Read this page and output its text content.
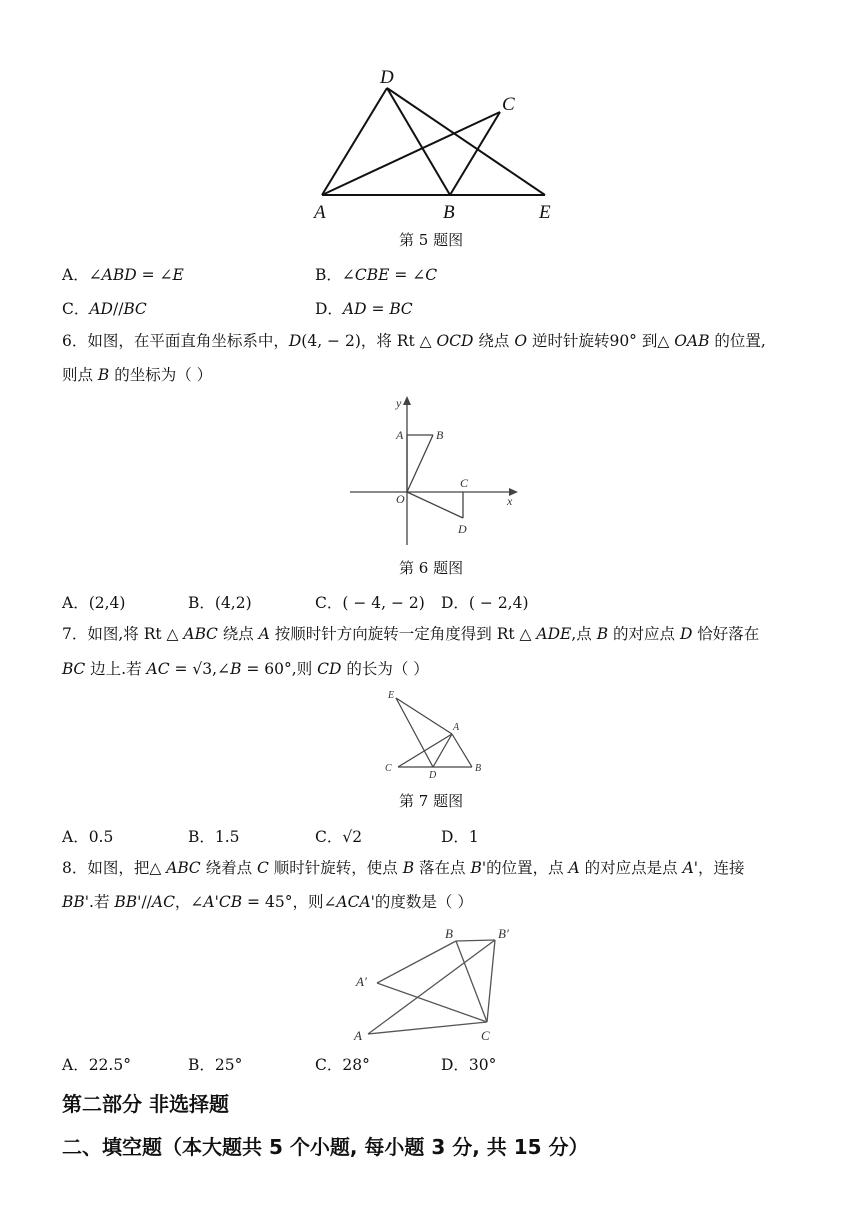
D
C
A	B	E
第 5 题图
A．∠𝐴𝐵𝐷 = ∠𝐸	B．∠𝐶𝐵𝐸 = ∠𝐶
C．𝐴𝐷//𝐵𝐶	D．𝐴𝐷 = 𝐵𝐶
6．如图，在平面直角坐标系中，𝐷(4, − 2)，将 Rt △ 𝑂𝐶𝐷 绕点 𝑂 逆时针旋转90° 到△ 𝑂𝐴𝐵 的位置,
则点 𝐵 的坐标为（ ）
y
x
O
A	B
C
D
第 6 题图
A．(2,4)	B．(4,2)	C．( − 4, − 2) D．( − 2,4)
7．如图,将 Rt △ 𝐴𝐵𝐶 绕点 𝐴 按顺时针方向旋转一定角度得到 Rt △ 𝐴𝐷𝐸,点 𝐵 的对应点 𝐷 恰好落在
𝐵𝐶 边上.若 𝐴𝐶 = √3,∠𝐵 = 60°,则 𝐶𝐷 的长为（ ）
E
A
C
D
B
第 7 题图
A．0.5	B．1.5	C．√2	D．1
8．如图，把△ 𝐴𝐵𝐶 绕着点 𝐶 顺时针旋转，使点 𝐵 落在点 𝐵'的位置，点 𝐴 的对应点是点 𝐴'，连接
𝐵𝐵'.若 𝐵𝐵'//𝐴𝐶，∠𝐴'𝐶𝐵 = 45°，则∠𝐴𝐶𝐴'的度数是（ ）
B	B′
A′
A	C
A．22.5°	B．25°	C．28°	D．30°
第二部分 非选择题
二、填空题（本大题共 5 个小题, 每小题 3 分, 共 15 分）
